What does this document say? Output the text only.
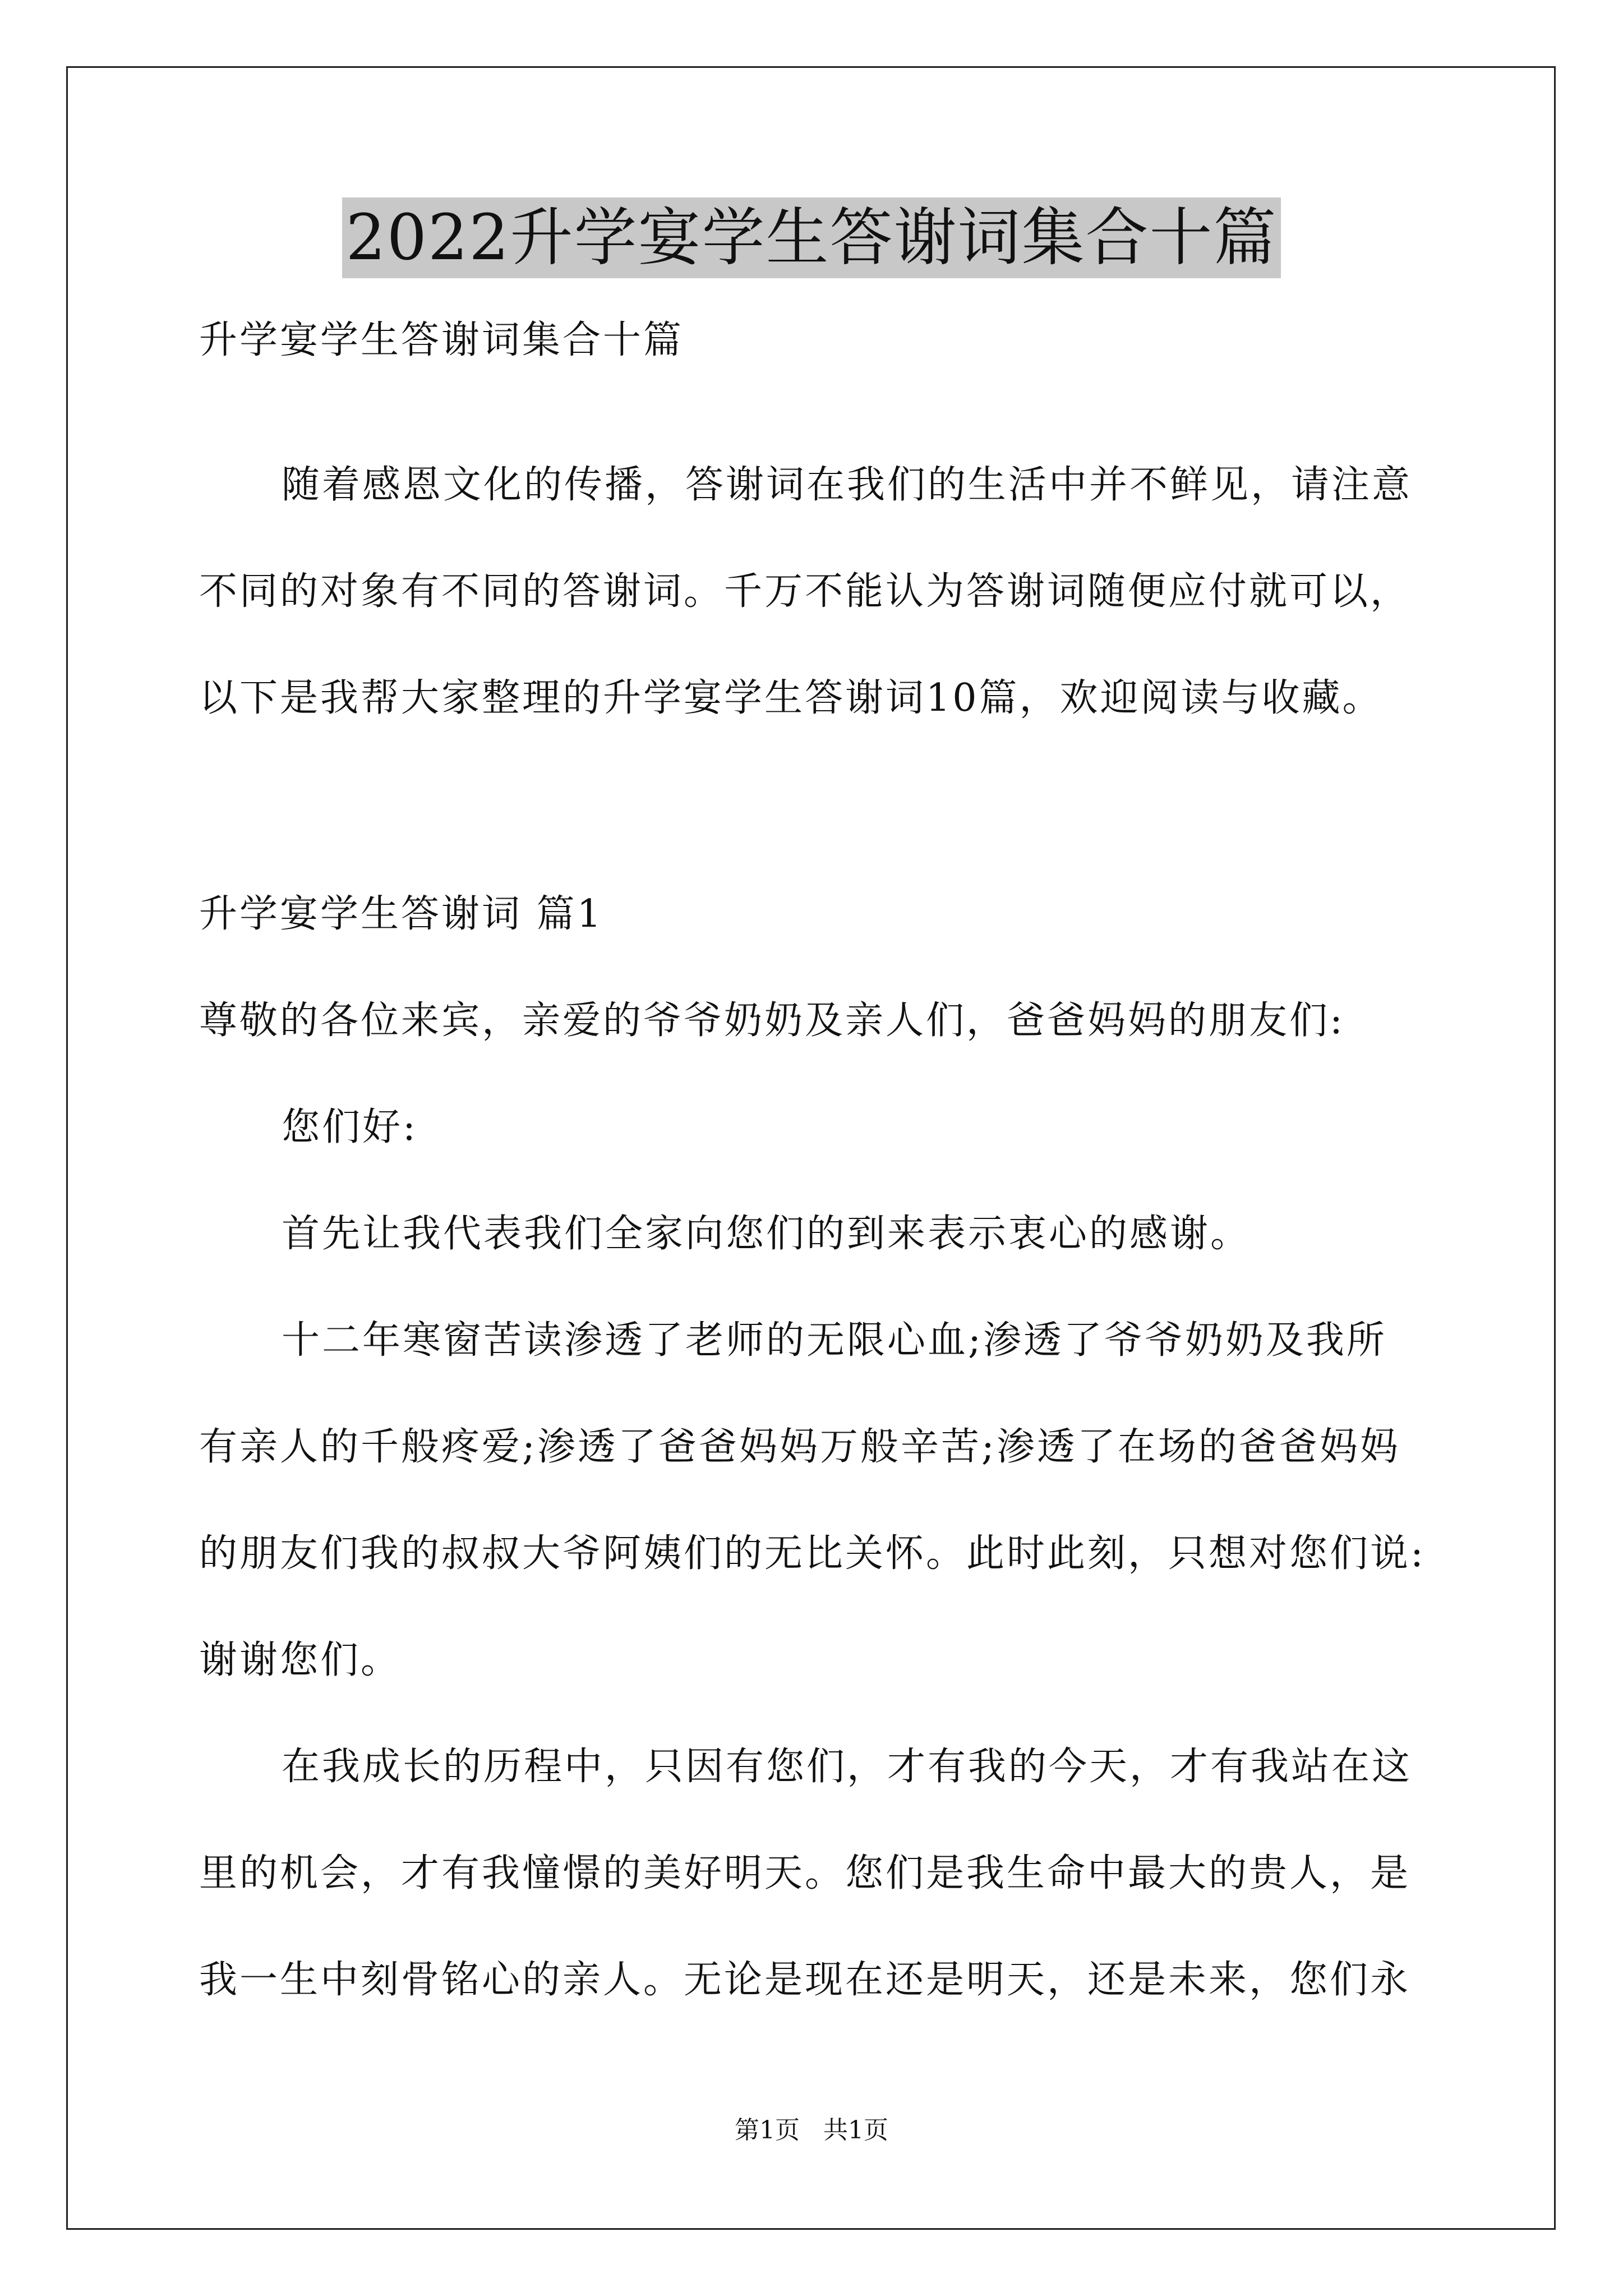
2022升学宴学生答谢词集合十篇
升学宴学生答谢词集合十篇
随着感恩文化的传播，答谢词在我们的生活中并不鲜见，请注意
不同的对象有不同的答谢词。千万不能认为答谢词随便应付就可以，
以下是我帮大家整理的升学宴学生答谢词10篇，欢迎阅读与收藏。
升学宴学生答谢词 篇1
尊敬的各位来宾，亲爱的爷爷奶奶及亲人们，爸爸妈妈的朋友们:
您们好:
首先让我代表我们全家向您们的到来表示衷心的感谢。
十二年寒窗苦读渗透了老师的无限心血;渗透了爷爷奶奶及我所
有亲人的千般疼爱;渗透了爸爸妈妈万般辛苦;渗透了在场的爸爸妈妈
的朋友们我的叔叔大爷阿姨们的无比关怀。此时此刻，只想对您们说:
谢谢您们。
在我成长的历程中，只因有您们，才有我的今天，才有我站在这
里的机会，才有我憧憬的美好明天。您们是我生命中最大的贵人，是
我一生中刻骨铭心的亲人。无论是现在还是明天，还是未来，您们永
第1页   共1页
